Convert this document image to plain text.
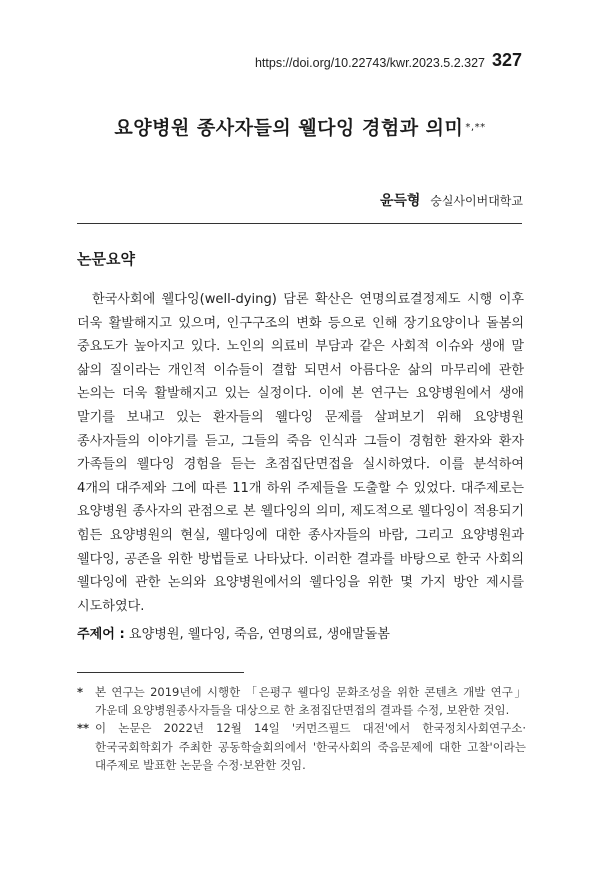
https://doi.org/10.22743/kwr.2023.5.2.327 327
요양병원 종사자들의 웰다잉 경험과 의미 *,**
윤득형 숭실사이버대학교
논문요약
한국사회에 웰다잉(well-dying) 담론 확산은 연명의료결정제도 시행 이후 더욱 활발해지고 있으며, 인구구조의 변화 등으로 인해 장기요양이나 돌봄의 중요도가 높아지고 있다. 노인의 의료비 부담과 같은 사회적 이슈와 생애 말 삶의 질이라는 개인적 이슈들이 결합 되면서 아름다운 삶의 마무리에 관한 논의는 더욱 활발해지고 있는 실정이다. 이에 본 연구는 요양병원에서 생애 말기를 보내고 있는 환자들의 웰다잉 문제를 살펴보기 위해 요양병원 종사자들의 이야기를 듣고, 그들의 죽음 인식과 그들이 경험한 환자와 환자 가족들의 웰다잉 경험을 듣는 초점집단면접을 실시하였다. 이를 분석하여 4개의 대주제와 그에 따른 11개 하위 주제들을 도출할 수 있었다. 대주제로는 요양병원 종사자의 관점으로 본 웰다잉의 의미, 제도적으로 웰다잉이 적용되기 힘든 요양병원의 현실, 웰다잉에 대한 종사자들의 바람, 그리고 요양병원과 웰다잉, 공존을 위한 방법들로 나타났다. 이러한 결과를 바탕으로 한국 사회의 웰다잉에 관한 논의와 요양병원에서의 웰다잉을 위한 몇 가지 방안 제시를 시도하였다.
주제어 : 요양병원, 웰다잉, 죽음, 연명의료, 생애말돌봄
* 본 연구는 2019년에 시행한 「은평구 웰다잉 문화조성을 위한 콘텐츠 개발 연구」 가운데 요양병원종사자들을 대상으로 한 초점집단면접의 결과를 수정, 보완한 것임.
** 이 논문은 2022년 12월 14일 '커먼즈필드 대전'에서 한국정치사회연구소·한국국회학회가 주최한 공동학술회의에서 '한국사회의 죽음문제에 대한 고찰'이라는 대주제로 발표한 논문을 수정·보완한 것임.
